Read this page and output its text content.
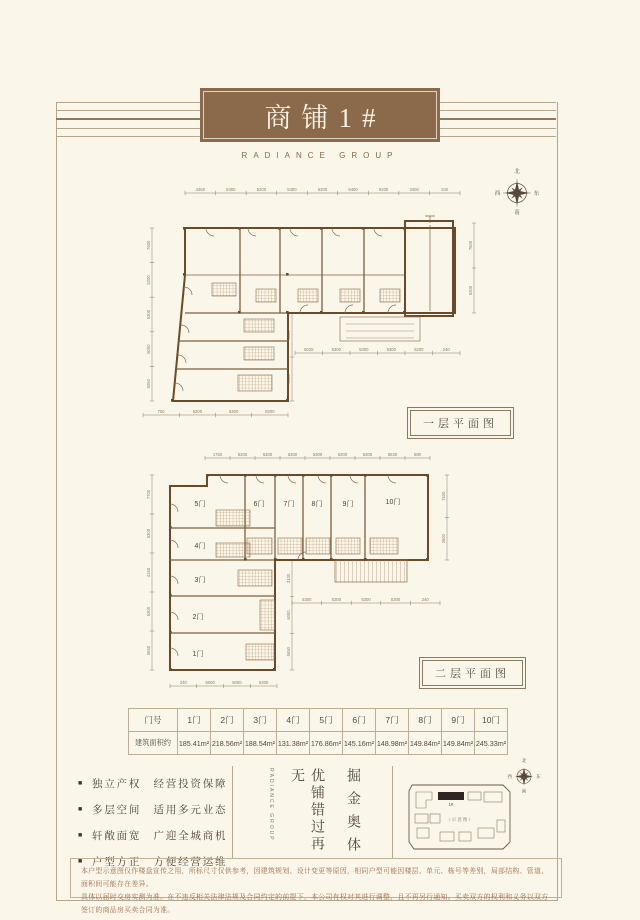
商铺1#
RADIANCE GROUP
北
东
南
西
4450	5300	5200	5400	5300	5400	5200	3400	240
7600
5200
5300
6000
5050
750	6200	5300	8200
7600
5200
6025	5300	5300	5300	5200	240
5900
5950
一层平面图
1750	5300	5300	5300	5300	5300	5300	5530	580
7700
5300
4150
6300
5650
240	6000	5000	5300
7400
2600
5300	5300	5300	5300	240
3100
6000
5650
1门
2门
3门
4门
5门	6门	7门 8门	9门	10门
二层平面图
门号	1门	2门	3门	4门	5门	6门	7门	8门	9门	10门
建筑面积约	185.41m²	218.56m²	188.54m²	131.38m²	176.86m²	145.16m²	148.98m²	149.84m²	149.84m²	245.33m²
■ 独立产权　经营投资保障
■ 多层空间　适用多元业态
■ 轩敞面宽　广迎全城商机
■ 户型方正　方便经营运维
掘金奥体
优铺错过再无
RADIANCE GROUP	1#
（示意图）
北
东
南
西

本户型示意图仅作楼盘宣传之用，所标尺寸仅供参考，因建筑规划、设计变更等原因，相同户型可能因楼层、单元、栋号等差别，局部结构、管道、面积间可能存在差异。

具体以届时交房实测为准。在不违反相关法律法规及合同约定的前提下，本公司有权对其进行调整，且不再另行通知。买卖双方的权利和义务以双方签订的商品房买卖合同为准。
